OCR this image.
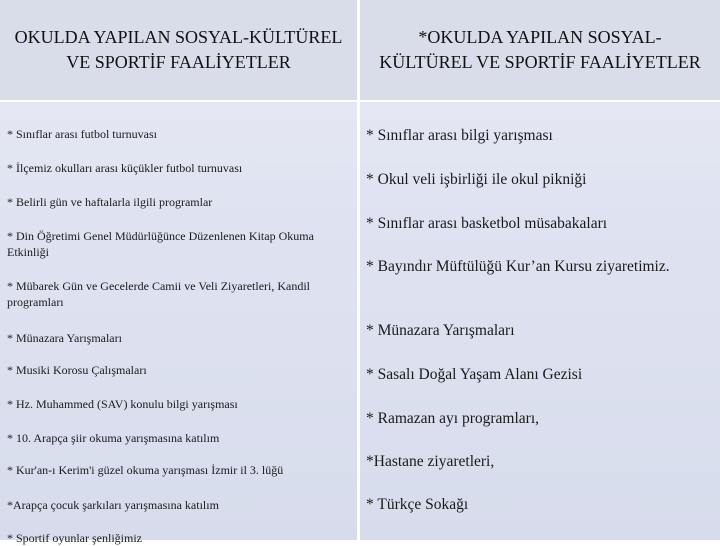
OKULDA YAPILAN SOSYAL-KÜLTÜREL VE SPORTİF FAALİYETLER

* Sınıflar arası futbol turnuvası

* İlçemiz okulları arası küçükler futbol turnuvası

* Belirli gün ve haftalarla ilgili programlar

* Din Öğretimi Genel Müdürlüğünce Düzenlenen Kitap Okuma Etkinliği

* Mübarek Gün ve Gecelerde Camii ve Veli Ziyaretleri, Kandil programları

* Münazara Yarışmaları

* Musiki Korosu Çalışmaları

* Hz. Muhammed (SAV) konulu bilgi yarışması

* 10. Arapça şiir okuma yarışmasına katılım

* Kur'an-ı Kerim'i güzel okuma yarışması İzmir il 3. lüğü

*Arapça çocuk şarkıları yarışmasına katılım

* Sportif oyunlar şenliğimiz

*OKULDA YAPILAN SOSYAL-KÜLTÜREL VE SPORTİF FAALİYETLER

* Sınıflar arası bilgi yarışması

* Okul veli işbirliği ile okul pikniği

* Sınıflar arası basketbol müsabakaları

* Bayındır Müftülüğü Kur’an Kursu ziyaretimiz.

* Münazara Yarışmaları

* Sasalı Doğal Yaşam Alanı Gezisi

* Ramazan ayı programları,

*Hastane ziyaretleri,

* Türkçe Sokağı
